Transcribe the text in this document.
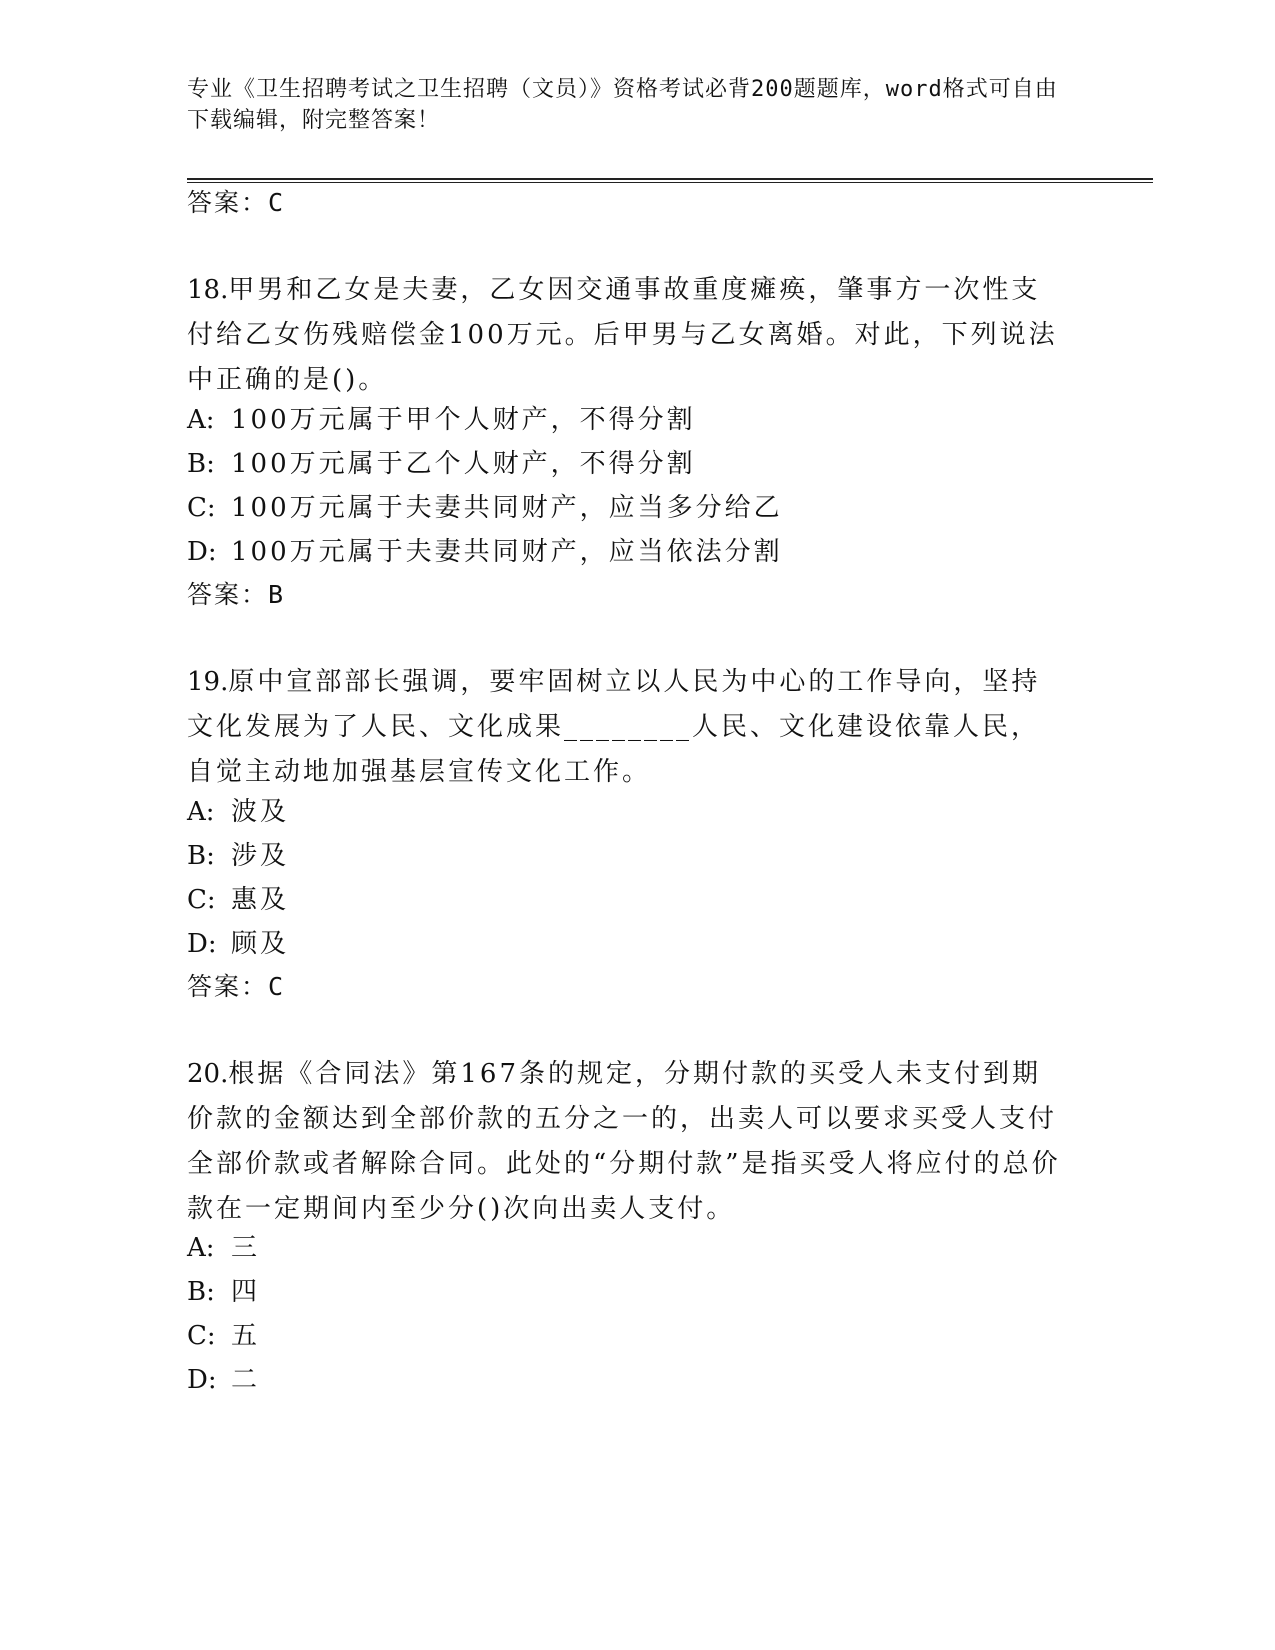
专业《卫生招聘考试之卫生招聘（文员）》资格考试必背200题题库，word格式可自由下载编辑，附完整答案！
答案：C
18.甲男和乙女是夫妻，乙女因交通事故重度瘫痪，肇事方一次性支付给乙女伤残赔偿金100万元。后甲男与乙女离婚。对此，下列说法中正确的是()。
A: 100万元属于甲个人财产，不得分割
B: 100万元属于乙个人财产，不得分割
C: 100万元属于夫妻共同财产，应当多分给乙
D: 100万元属于夫妻共同财产，应当依法分割
答案：B
19.原中宣部部长强调，要牢固树立以人民为中心的工作导向，坚持文化发展为了人民、文化成果________人民、文化建设依靠人民，自觉主动地加强基层宣传文化工作。
A: 波及
B: 涉及
C: 惠及
D: 顾及
答案：C
20.根据《合同法》第167条的规定，分期付款的买受人未支付到期价款的金额达到全部价款的五分之一的，出卖人可以要求买受人支付全部价款或者解除合同。此处的“分期付款”是指买受人将应付的总价款在一定期间内至少分()次向出卖人支付。
A: 三
B: 四
C: 五
D: 二
